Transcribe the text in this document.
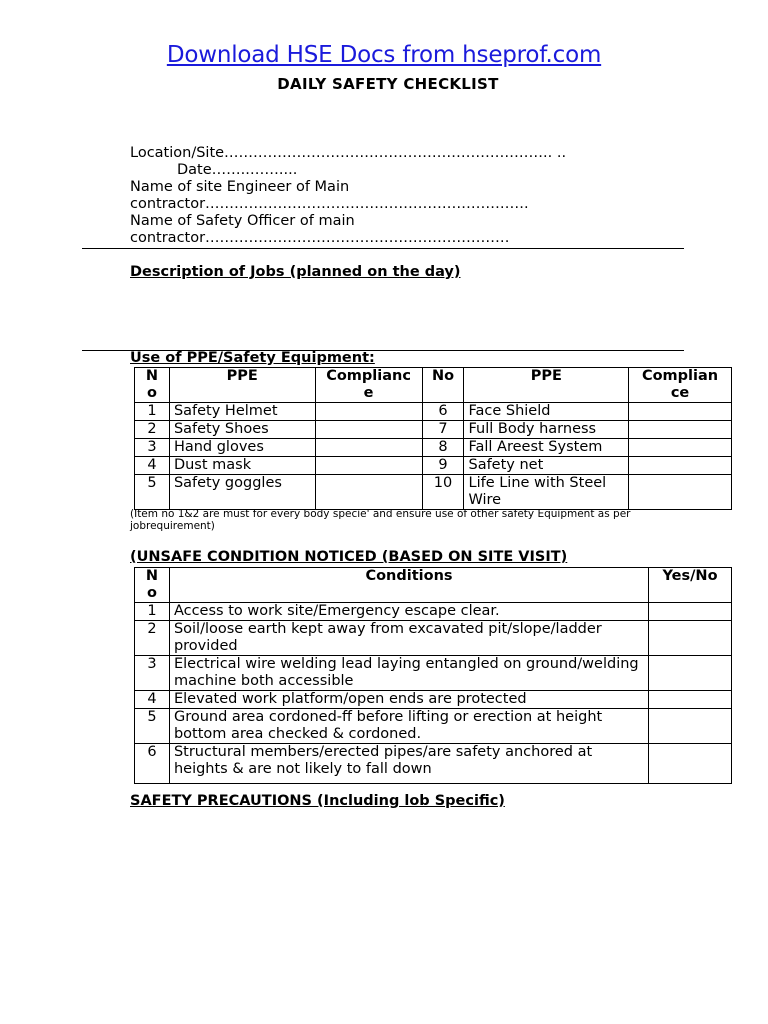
Download HSE Docs from hseprof.com
DAILY SAFETY CHECKLIST
Location/Site………………………………………………………….. ..
Date……..……....
Name of site Engineer of Main
contractor………………………………………………………….
Name of Safety Officer of main
contractor………………………………………………………
Description of Jobs (planned on the day)
Use of PPE/Safety Equipment:
N o	PPE	Complianc e	No	PPE	Complian ce
1	Safety Helmet		6	Face Shield	
2	Safety Shoes		7	Full Body harness	
3	Hand gloves		8	Fall Areest System	
4	Dust mask		9	Safety net	
5	Safety goggles		10	Life Line with Steel Wire	
(Item no 1&2 are must for every body specie' and ensure use of other safety Equipment as per jobrequirement)
(UNSAFE CONDITION NOTICED (BASED ON SITE VISIT)
N o	Conditions	Yes/No
1	Access to work site/Emergency escape clear.	
2	Soil/loose earth kept away from excavated pit/slope/ladder provided	
3	Electrical wire welding lead laying entangled on ground/welding machine both accessible	
4	Elevated work platform/open ends are protected	
5	Ground area cordoned-ff before lifting or erection at height bottom area checked & cordoned.	
6	Structural members/erected pipes/are safety anchored at heights & are not likely to fall down	
SAFETY PRECAUTIONS (Including lob Specific)
